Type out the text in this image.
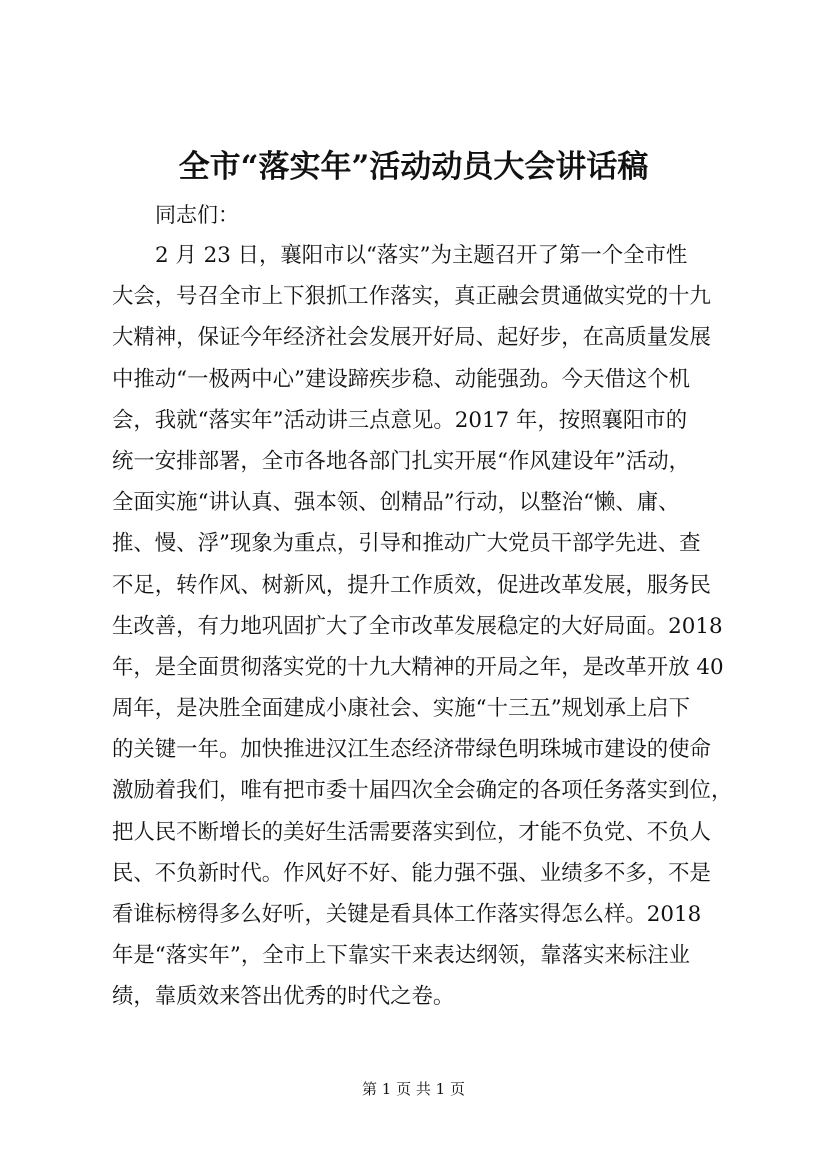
全市“落实年”活动动员大会讲话稿
同志们：
2 月 23 日，襄阳市以“落实”为主题召开了第一个全市性
大会，号召全市上下狠抓工作落实，真正融会贯通做实党的十九
大精神，保证今年经济社会发展开好局、起好步，在高质量发展
中推动“一极两中心”建设蹄疾步稳、动能强劲。今天借这个机
会，我就“落实年”活动讲三点意见。2017 年，按照襄阳市的
统一安排部署，全市各地各部门扎实开展“作风建设年”活动，
全面实施“讲认真、强本领、创精品”行动，以整治“懒、庸、
推、慢、浮”现象为重点，引导和推动广大党员干部学先进、查
不足，转作风、树新风，提升工作质效，促进改革发展，服务民
生改善，有力地巩固扩大了全市改革发展稳定的大好局面。2018
年，是全面贯彻落实党的十九大精神的开局之年，是改革开放 40
周年，是决胜全面建成小康社会、实施“十三五”规划承上启下
的关键一年。加快推进汉江生态经济带绿色明珠城市建设的使命
激励着我们，唯有把市委十届四次全会确定的各项任务落实到位，
把人民不断增长的美好生活需要落实到位，才能不负党、不负人
民、不负新时代。作风好不好、能力强不强、业绩多不多，不是
看谁标榜得多么好听，关键是看具体工作落实得怎么样。2018
年是“落实年”，全市上下靠实干来表达纲领，靠落实来标注业
绩，靠质效来答出优秀的时代之卷。
第 1 页 共 1 页
